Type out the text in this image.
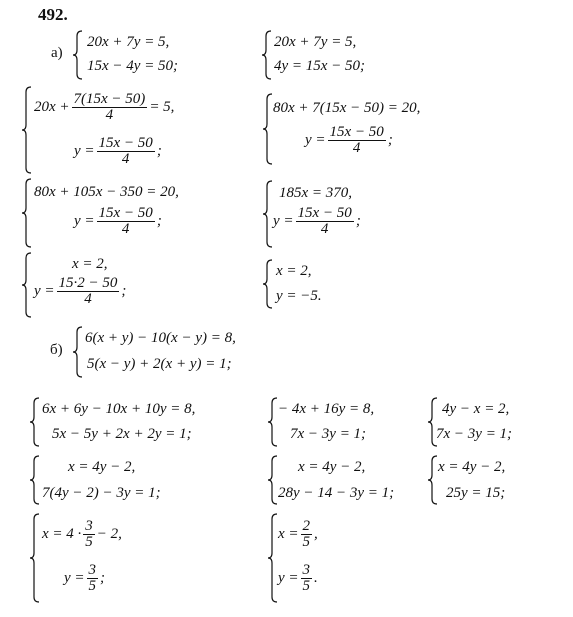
492.
а)
б)
20x + 7y = 5,
15x − 4y = 50;
20x + 7y = 5,
4y = 15x − 50;
$20x + \frac{7(15x - 50)}{4} = 5$,
$y = \frac{15x - 50}{4}$ ;
80x + 7(15x − 50) = 20,
$y = \frac{15x - 50}{4}$ ;
80x + 105x − 350 = 20,
$y = \frac{15x - 50}{4}$ ;
185x = 370,
$y = \frac{15x - 50}{4}$ ;
x = 2,
$y = \frac{15\cdot 2 - 50}{4}$ ;
x = 2,
y = −5.
6(x + y) − 10(x − y) = 8,
5(x − y) + 2(x + y) = 1;
6x + 6y − 10x + 10y = 8,
5x − 5y + 2x + 2y = 1;
− 4x + 16y = 8,
7x − 3y = 1;
4y − x = 2,
7x − 3y = 1;
x = 4y − 2,
7(4y − 2) − 3y = 1;
x = 4y − 2,
28y − 14 − 3y = 1;
x = 4y − 2,
25y = 15;
$x = 4 \cdot \frac{3}{5} - 2$,
$y = \frac{3}{5}$ ;
$x = \frac{2}{5}$ ,
$y = \frac{3}{5}$ .
